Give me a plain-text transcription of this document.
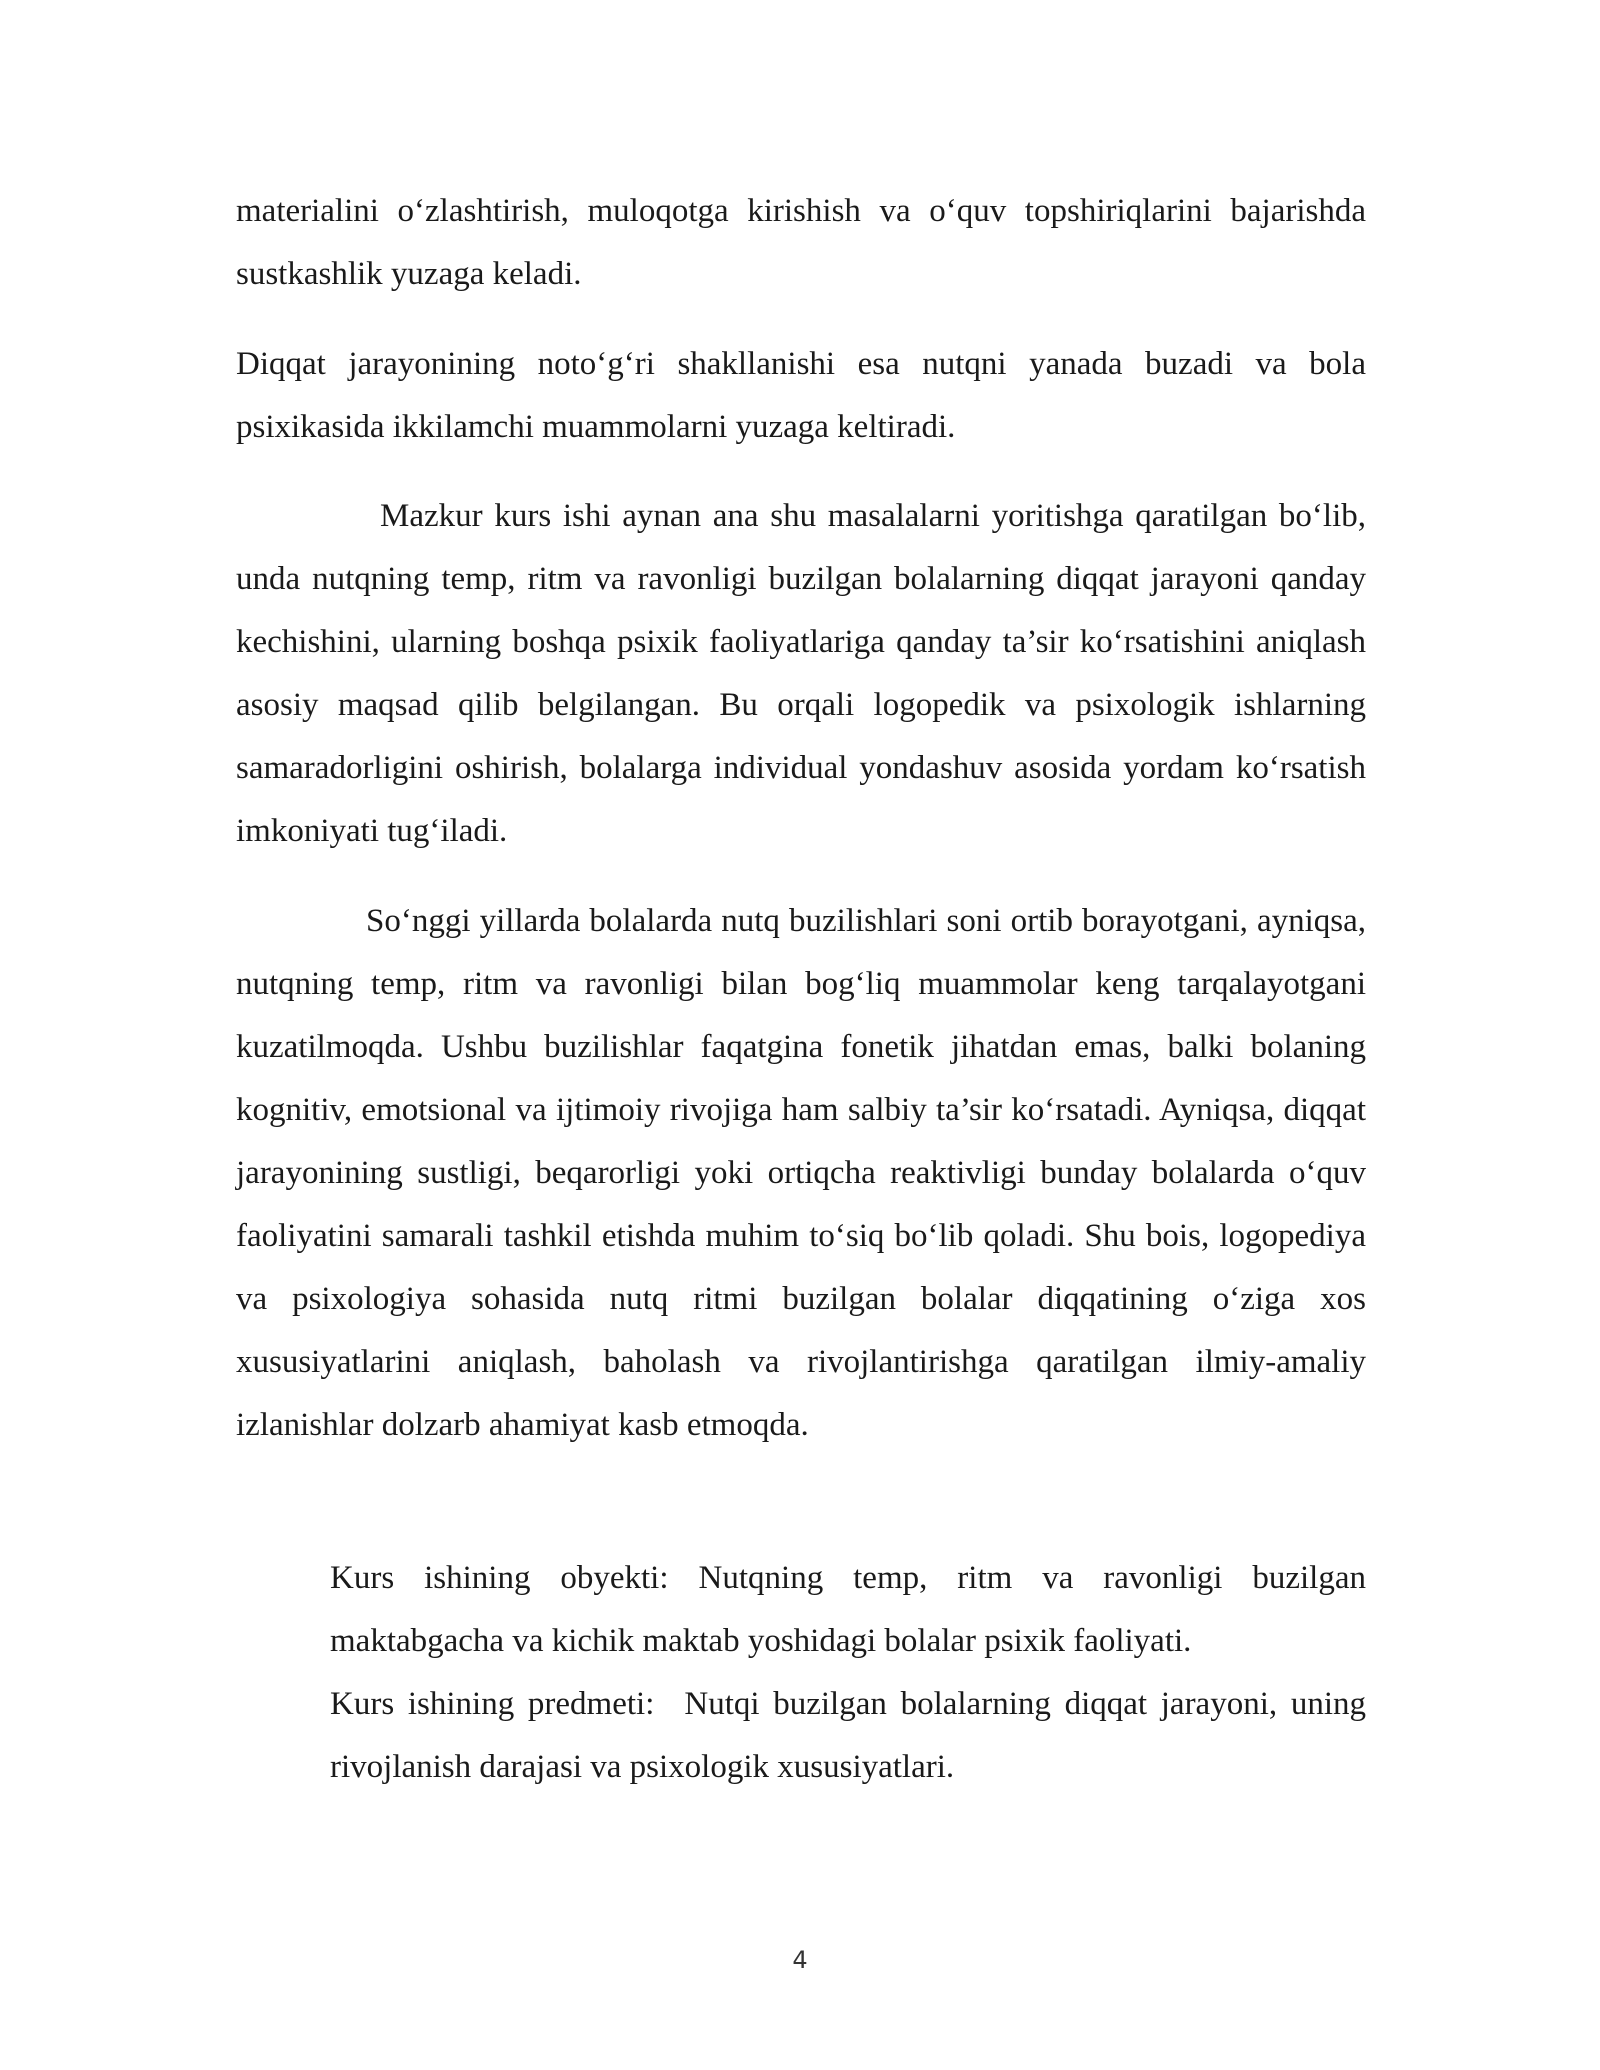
materialini o‘zlashtirish, muloqotga kirishish va o‘quv topshiriqlarini bajarishda sustkashlik yuzaga keladi.

Diqqat jarayonining noto‘g‘ri shakllanishi esa nutqni yanada buzadi va bola psixikasida ikkilamchi muammolarni yuzaga keltiradi.

Mazkur kurs ishi aynan ana shu masalalarni yoritishga qaratilgan bo‘lib, unda nutqning temp, ritm va ravonligi buzilgan bolalarning diqqat jarayoni qanday kechishini, ularning boshqa psixik faoliyatlariga qanday ta’sir ko‘rsatishini aniqlash asosiy maqsad qilib belgilangan. Bu orqali logopedik va psixologik ishlarning samaradorligini oshirish, bolalarga individual yondashuv asosida yordam ko‘rsatish imkoniyati tug‘iladi.

So‘nggi yillarda bolalarda nutq buzilishlari soni ortib borayotgani, ayniqsa, nutqning temp, ritm va ravonligi bilan bog‘liq muammolar keng tarqalayotgani kuzatilmoqda. Ushbu buzilishlar faqatgina fonetik jihatdan emas, balki bolaning kognitiv, emotsional va ijtimoiy rivojiga ham salbiy ta’sir ko‘rsatadi. Ayniqsa, diqqat jarayonining sustligi, beqarorligi yoki ortiqcha reaktivligi bunday bolalarda o‘quv faoliyatini samarali tashkil etishda muhim to‘siq bo‘lib qoladi. Shu bois, logopediya va psixologiya sohasida nutq ritmi buzilgan bolalar diqqatining o‘ziga xos xususiyatlarini aniqlash, baholash va rivojlantirishga qaratilgan ilmiy-amaliy izlanishlar dolzarb ahamiyat kasb etmoqda.

Kurs ishining obyekti: Nutqning temp, ritm va ravonligi buzilgan maktabgacha va kichik maktab yoshidagi bolalar psixik faoliyati.

Kurs ishining predmeti: Nutqi buzilgan bolalarning diqqat jarayoni, uning rivojlanish darajasi va psixologik xususiyatlari.

4
